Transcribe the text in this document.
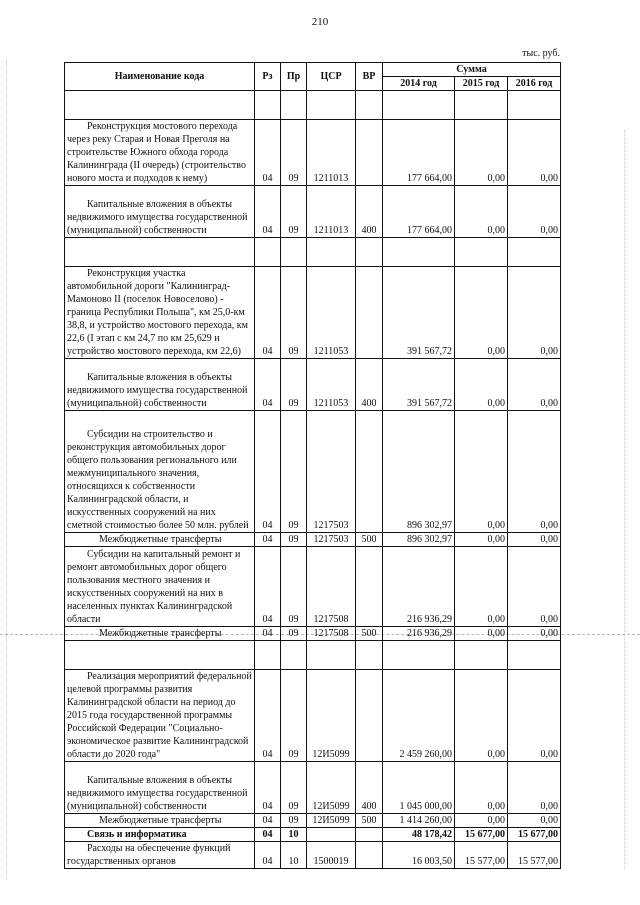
210
тыс. руб.
Наименование кода	Рз	Пр	ЦСР	ВР	Сумма		
					2014 год	2015 год	2016 год

Реконструкция мостового перехода через реку Старая и Новая Преголя на строительстве Южного обхода города Калининграда (II очередь) (строительство нового моста и подходов к нему)	04	09	1211013		177 664,00	0,00	0,00
Капитальные вложения в объекты недвижимого имущества государственной (муниципальной) собственности	04	09	1211013	400	177 664,00	0,00	0,00

Реконструкция участка автомобильной дороги "Калининград-Мамоново II (поселок Новоселово) - граница Республики Польша", км 25,0-км 38,8, и устройство мостового перехода, км 22,6 (I этап с км 24,7 по км 25,629 и устройство мостового перехода, км 22,6)	04	09	1211053		391 567,72	0,00	0,00
Капитальные вложения в объекты недвижимого имущества государственной (муниципальной) собственности	04	09	1211053	400	391 567,72	0,00	0,00
Субсидии на строительство и реконструкция автомобильных дорог общего пользования регионального или межмуниципального значения, относящихся к собственности Калининградской области, и искусственных сооружений на них сметной стоимостью более 50 млн. рублей	04	09	1217503		896 302,97	0,00	0,00
Межбюджетные трансферты	04	09	1217503	500	896 302,97	0,00	0,00
Субсидии на капитальный ремонт и ремонт автомобильных дорог общего пользования местного значения и искусственных сооружений на них в населенных пунктах Калининградской области	04	09	1217508		216 936,29	0,00	0,00
Межбюджетные трансферты	04	09	1217508	500	216 936,29	0,00	0,00

Реализация мероприятий федеральной целевой программы развития Калининградской области на период до 2015 года государственной программы Российской Федерации "Социально-экономическое развитие Калининградской области до 2020 года"	04	09	12И5099		2 459 260,00	0,00	0,00
Капитальные вложения в объекты недвижимого имущества государственной (муниципальной) собственности	04	09	12И5099	400	1 045 000,00	0,00	0,00
Межбюджетные трансферты	04	09	12И5099	500	1 414 260,00	0,00	0,00
Связь и информатика	04	10			48 178,42	15 677,00	15 677,00
Расходы на обеспечение функций государственных органов	04	10	1500019		16 003,50	15 577,00	15 577,00
